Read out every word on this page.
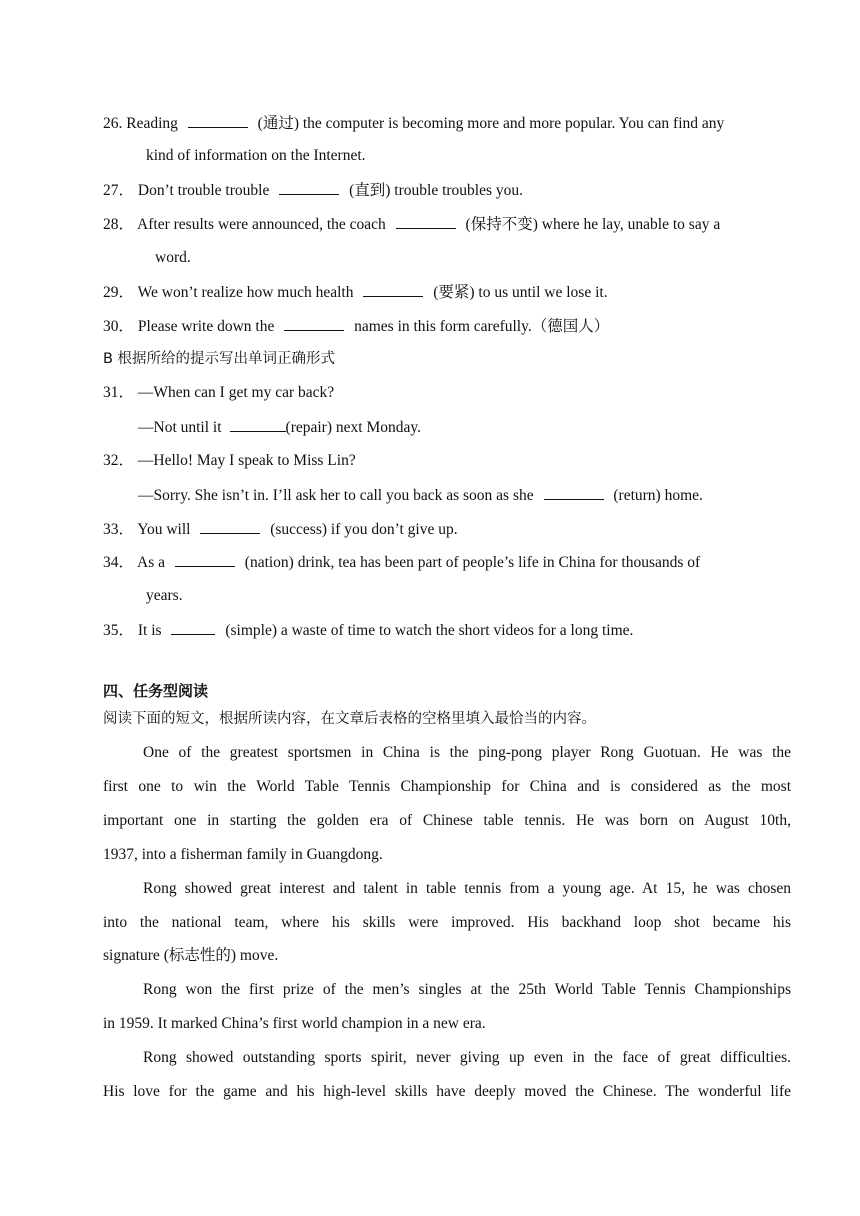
26. Reading	(通过) the computer is becoming more and more popular. You can find any
kind of information on the Internet.
27． Don’t trouble trouble	(直到) trouble troubles you.
28． After results were announced, the coach	(保持不变) where he lay, unable to say a
word.
29． We won’t realize how much health	(要紧) to us until we lose it.
30． Please write down the	names in this form carefully.（德国人）
B 根据所给的提示写出单词正确形式
31． —When can I get my car back?
—Not until it	(repair) next Monday.
32． —Hello! May I speak to Miss Lin?
—Sorry. She isn’t in. I’ll ask her to call you back as soon as she	(return) home.
33． You will	(success) if you don’t give up.
34． As a	(nation) drink, tea has been part of people’s life in China for thousands of
years.
35． It is	(simple) a waste of time to watch the short videos for a long time.
四、任务型阅读
阅读下面的短文，根据所读内容，在文章后表格的空格里填入最恰当的内容。
One of the greatest sportsmen in China is the ping-pong player Rong Guotuan. He was the
first one to win the World Table Tennis Championship for China and is considered as the most
important one in starting the golden era of Chinese table tennis. He was born on August 10th,
1937, into a fisherman family in Guangdong.
Rong showed great interest and talent in table tennis from a young age. At 15, he was chosen
into the national team, where his skills were improved. His backhand loop shot became his
signature (标志性的) move.
Rong won the first prize of the men’s singles at the 25th World Table Tennis Championships
in 1959. It marked China’s first world champion in a new era.
Rong showed outstanding sports spirit, never giving up even in the face of great difficulties.
His love for the game and his high-level skills have deeply moved the Chinese. The wonderful life
